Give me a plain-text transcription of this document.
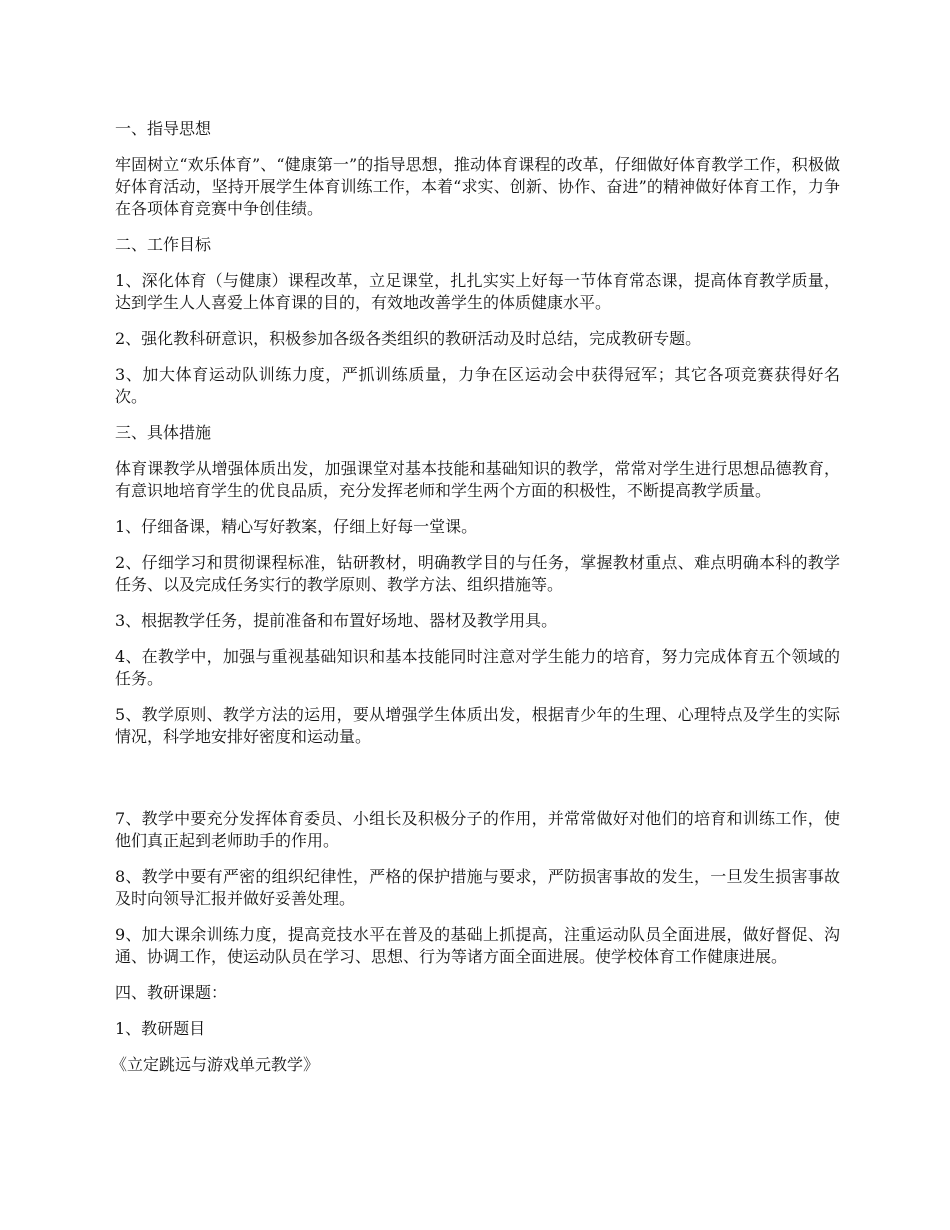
一、指导思想

牢固树立“欢乐体育”、“健康第一”的指导思想，推动体育课程的改革，仔细做好体育教学工作，积极做好体育活动，坚持开展学生体育训练工作，本着“求实、创新、协作、奋进”的精神做好体育工作，力争在各项体育竞赛中争创佳绩。

二、工作目标

1、深化体育（与健康）课程改革，立足课堂，扎扎实实上好每一节体育常态课，提高体育教学质量，达到学生人人喜爱上体育课的目的，有效地改善学生的体质健康水平。

2、强化教科研意识，积极参加各级各类组织的教研活动及时总结，完成教研专题。

3、加大体育运动队训练力度，严抓训练质量，力争在区运动会中获得冠军；其它各项竞赛获得好名次。

三、具体措施

体育课教学从增强体质出发，加强课堂对基本技能和基础知识的教学，常常对学生进行思想品德教育，有意识地培育学生的优良品质，充分发挥老师和学生两个方面的积极性，不断提高教学质量。

1、仔细备课，精心写好教案，仔细上好每一堂课。

2、仔细学习和贯彻课程标准，钻研教材，明确教学目的与任务，掌握教材重点、难点明确本科的教学任务、以及完成任务实行的教学原则、教学方法、组织措施等。

3、根据教学任务，提前准备和布置好场地、器材及教学用具。

4、在教学中，加强与重视基础知识和基本技能同时注意对学生能力的培育，努力完成体育五个领域的任务。

5、教学原则、教学方法的运用，要从增强学生体质出发，根据青少年的生理、心理特点及学生的实际情况，科学地安排好密度和运动量。

7、教学中要充分发挥体育委员、小组长及积极分子的作用，并常常做好对他们的培育和训练工作，使他们真正起到老师助手的作用。

8、教学中要有严密的组织纪律性，严格的保护措施与要求，严防损害事故的发生，一旦发生损害事故及时向领导汇报并做好妥善处理。

9、加大课余训练力度，提高竞技水平在普及的基础上抓提高，注重运动队员全面进展，做好督促、沟通、协调工作，使运动队员在学习、思想、行为等诸方面全面进展。使学校体育工作健康进展。

四、教研课题：

1、教研题目

《立定跳远与游戏单元教学》
